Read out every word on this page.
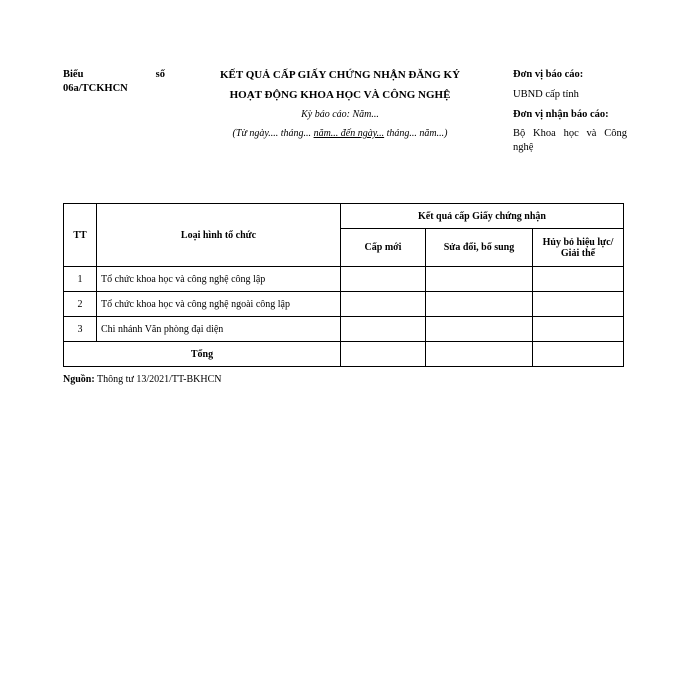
Biểu	số
06a/TCKHCN
KẾT QUẢ CẤP GIẤY CHỨNG NHẬN ĐĂNG KÝ
HOẠT ĐỘNG KHOA HỌC VÀ CÔNG NGHỆ
Kỳ báo cáo: Năm...
(Từ ngày.... tháng... năm... đến ngày... tháng... năm...)
Đơn vị báo cáo:
UBND cấp tỉnh
Đơn vị nhận báo cáo:
Bộ Khoa học và Công
nghệ
TT	Loại hình tổ chức	Kết quả cấp Giấy chứng nhận		
		Cấp mới	Sửa đổi, bổ sung	Hủy bỏ hiệu lực/ Giải thể
1	Tổ chức khoa học và công nghệ công lập			
2	Tổ chức khoa học và công nghệ ngoài công lập			
3	Chi nhánh Văn phòng đại diện			
Tổng				
Nguồn: Thông tư 13/2021/TT-BKHCN
